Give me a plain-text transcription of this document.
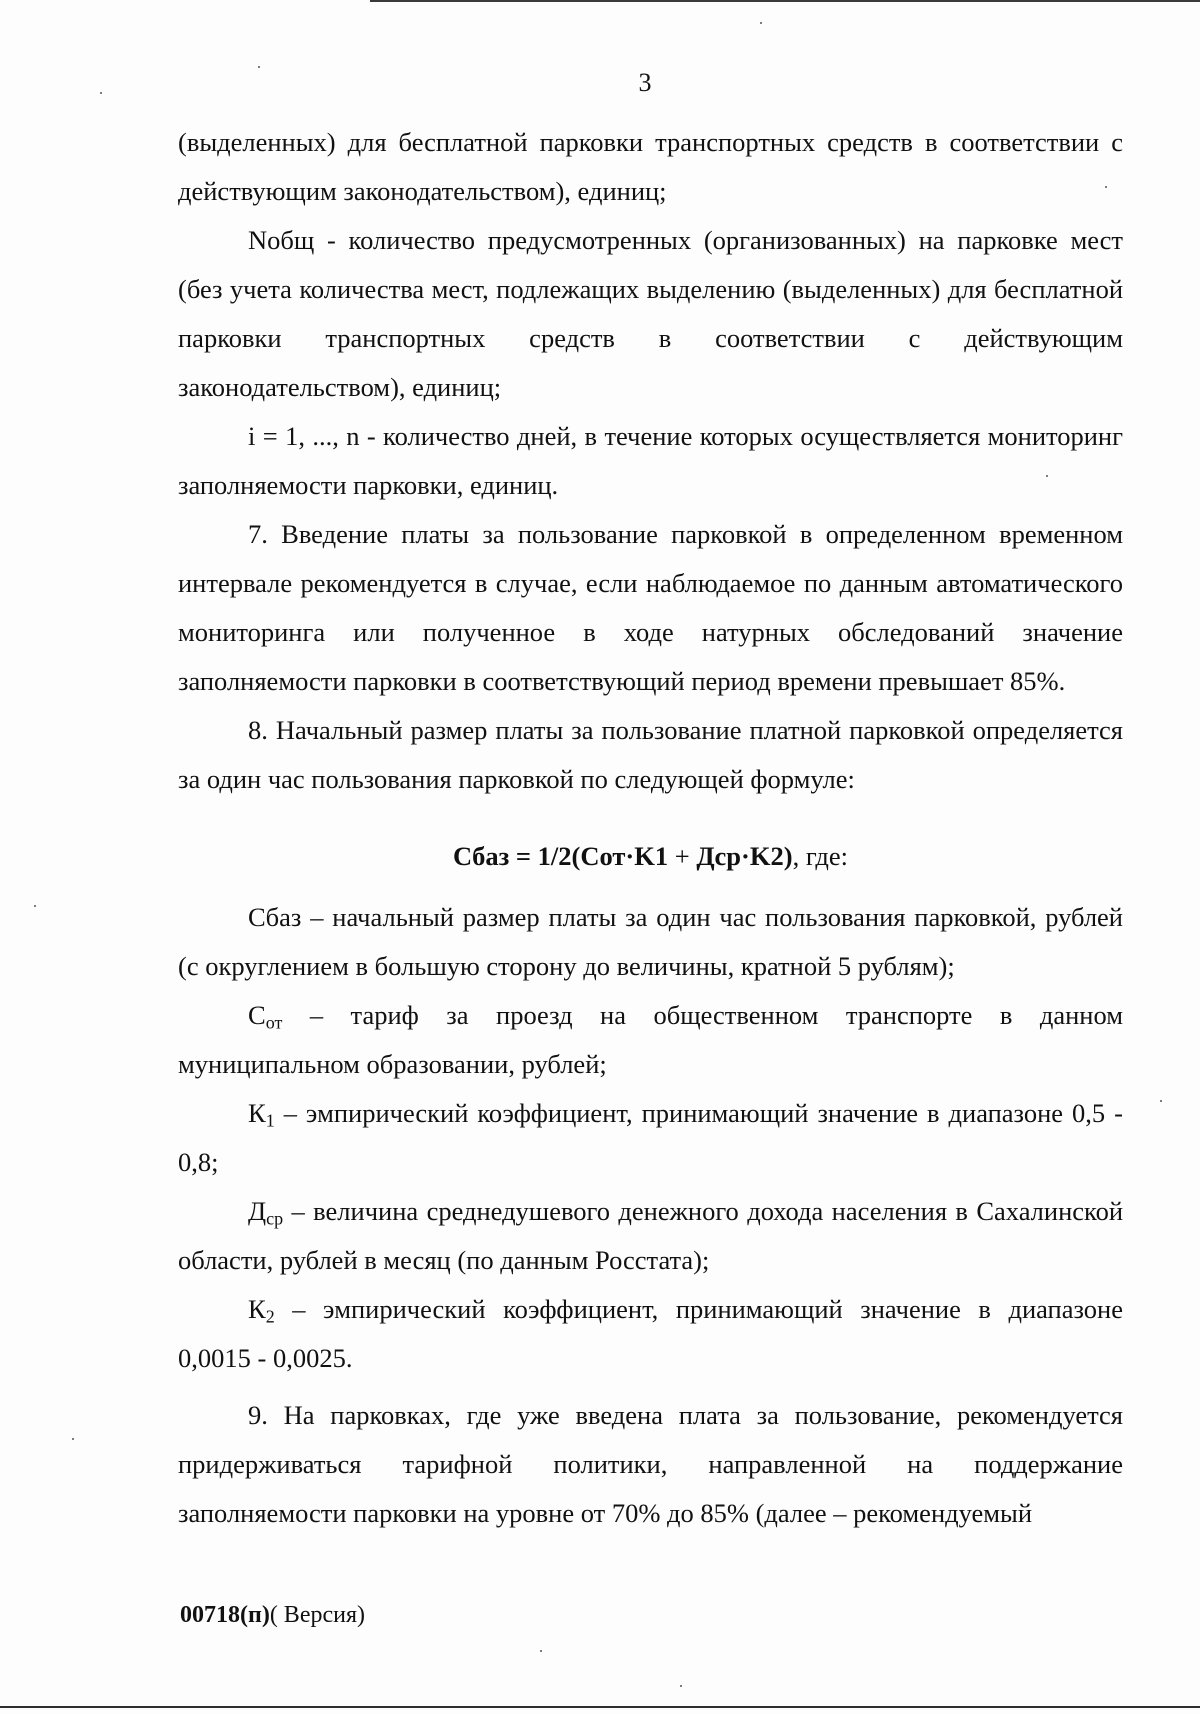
3

(выделенных) для бесплатной парковки транспортных средств в соответствии с действующим законодательством), единиц;

Nобщ - количество предусмотренных (организованных) на парковке мест (без учета количества мест, подлежащих выделению (выделенных) для бесплатной парковки транспортных средств в соответствии с действующим законодательством), единиц;

i = 1, ..., n - количество дней, в течение которых осуществляется мониторинг заполняемости парковки, единиц.

7. Введение платы за пользование парковкой в определенном временном интервале рекомендуется в случае, если наблюдаемое по данным автоматического мониторинга или полученное в ходе натурных обследований значение заполняемости парковки в соответствующий период времени превышает 85%.

8. Начальный размер платы за пользование платной парковкой определяется за один час пользования парковкой по следующей формуле:

Cбаз = 1/2(Cот·K1 + Дср·K2), где:

Cбаз – начальный размер платы за один час пользования парковкой, рублей (с округлением в большую сторону до величины, кратной 5 рублям);

$С_{от}$ – тариф за проезд на общественном транспорте в данном муниципальном образовании, рублей;

$К_1$ – эмпирический коэффициент, принимающий значение в диапазоне 0,5 - 0,8;

$Д_{ср}$ – величина среднедушевого денежного дохода населения в Сахалинской области, рублей в месяц (по данным Росстата);

$К_2$ – эмпирический коэффициент, принимающий значение в диапазоне 0,0015 - 0,0025.

9. На парковках, где уже введена плата за пользование, рекомендуется придерживаться тарифной политики, направленной на поддержание заполняемости парковки на уровне от 70% до 85% (далее – рекомендуемый

00718(п)( Версия)
